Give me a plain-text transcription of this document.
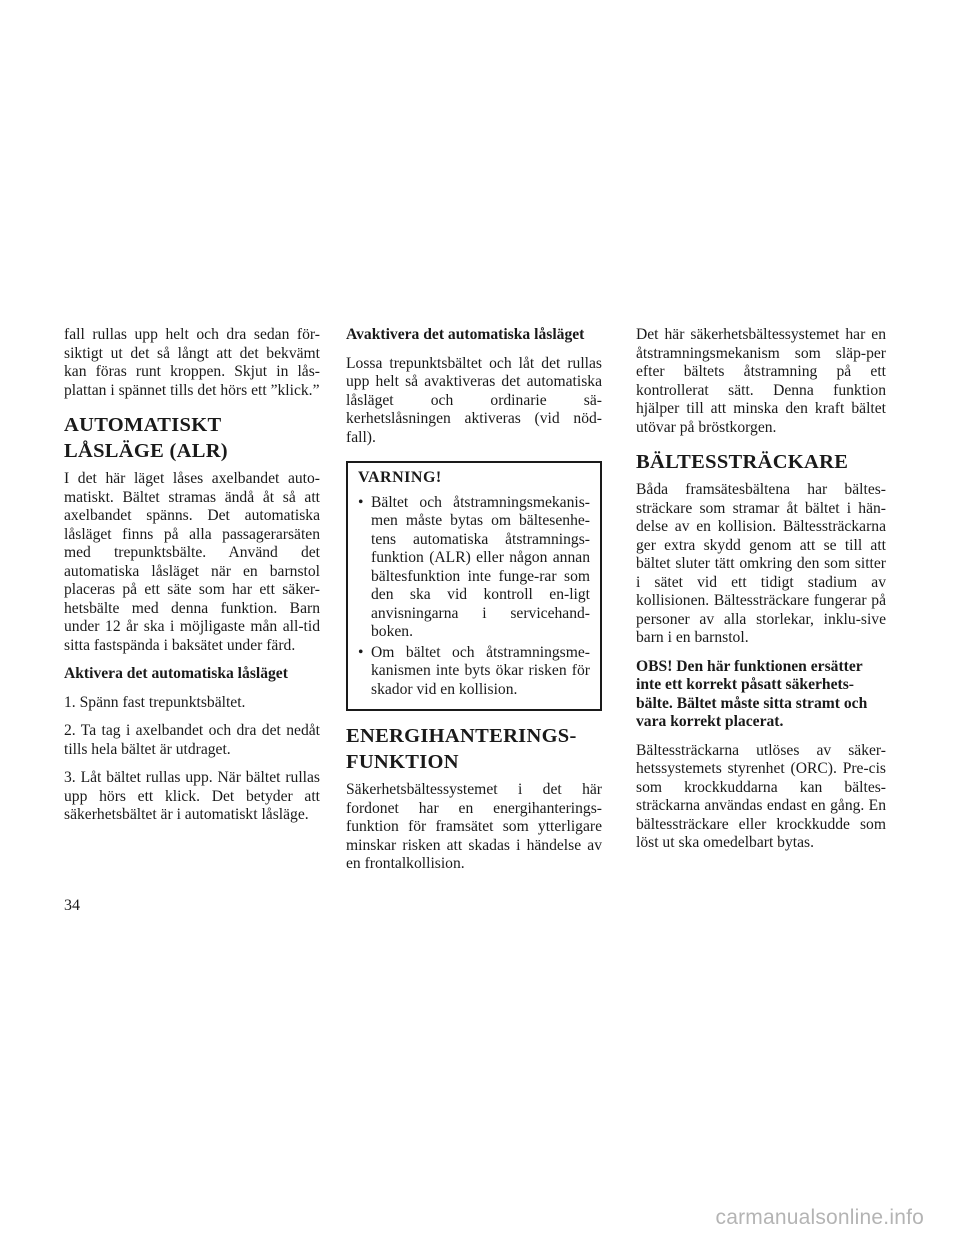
fall rullas upp helt och dra sedan för-siktigt ut det så långt att det bekvämt kan föras runt kroppen. Skjut in lås-plattan i spännet tills det hörs ett ”klick.”

AUTOMATISKT LÅSLÄGE (ALR)

I det här läget låses axelbandet auto-matiskt. Bältet stramas ändå åt så att axelbandet spänns. Det automatiska låsläget finns på alla passagerarsäten med trepunktsbälte. Använd det automatiska låsläget när en barnstol placeras på ett säte som har ett säker-hetsbälte med denna funktion. Barn under 12 år ska i möjligaste mån all-tid sitta fastspända i baksätet under färd.

Aktivera det automatiska låsläget

1. Spänn fast trepunktsbältet.

2. Ta tag i axelbandet och dra det nedåt tills hela bältet är utdraget.

3. Låt bältet rullas upp. När bältet rullas upp hörs ett klick. Det betyder att säkerhetsbältet är i automatiskt låsläge.

Avaktivera det automatiska låsläget

Lossa trepunktsbältet och låt det rullas upp helt så avaktiveras det automatiska låsläget och ordinarie sä-kerhetslåsningen aktiveras (vid nöd-fall).

VARNING!
• Bältet och åtstramningsmekanis-men måste bytas om bältesenhe-tens automatiska åtstramnings-funktion (ALR) eller någon annan bältesfunktion inte funge-rar som den ska vid kontroll en-ligt anvisningarna i servicehand-boken.
• Om bältet och åtstramningsme-kanismen inte byts ökar risken för skador vid en kollision.
ENERGIHANTERINGS-FUNKTION

Säkerhetsbältessystemet i det här fordonet har en energihanterings-funktion för framsätet som ytterligare minskar risken att skadas i händelse av en frontalkollision.

Det här säkerhetsbältessystemet har en åtstramningsmekanism som släp-per efter bältets åtstramning på ett kontrollerat sätt. Denna funktion hjälper till att minska den kraft bältet utövar på bröstkorgen.

BÄLTESSTRÄCKARE

Båda framsätesbältena har bältes-sträckare som stramar åt bältet i hän-delse av en kollision. Bältessträckarna ger extra skydd genom att se till att bältet sluter tätt omkring den som sitter i sätet vid ett tidigt stadium av kollisionen. Bältessträckare fungerar på personer av alla storlekar, inklu-sive barn i en barnstol.

OBS! Den här funktionen ersätter inte ett korrekt påsatt säkerhets-bälte. Bältet måste sitta stramt och vara korrekt placerat.

Bältessträckarna utlöses av säker-hetssystemets styrenhet (ORC). Pre-cis som krockkuddarna kan bältes-sträckarna användas endast en gång. En bältessträckare eller krockkudde som löst ut ska omedelbart bytas.

34
carmanualsonline.info
